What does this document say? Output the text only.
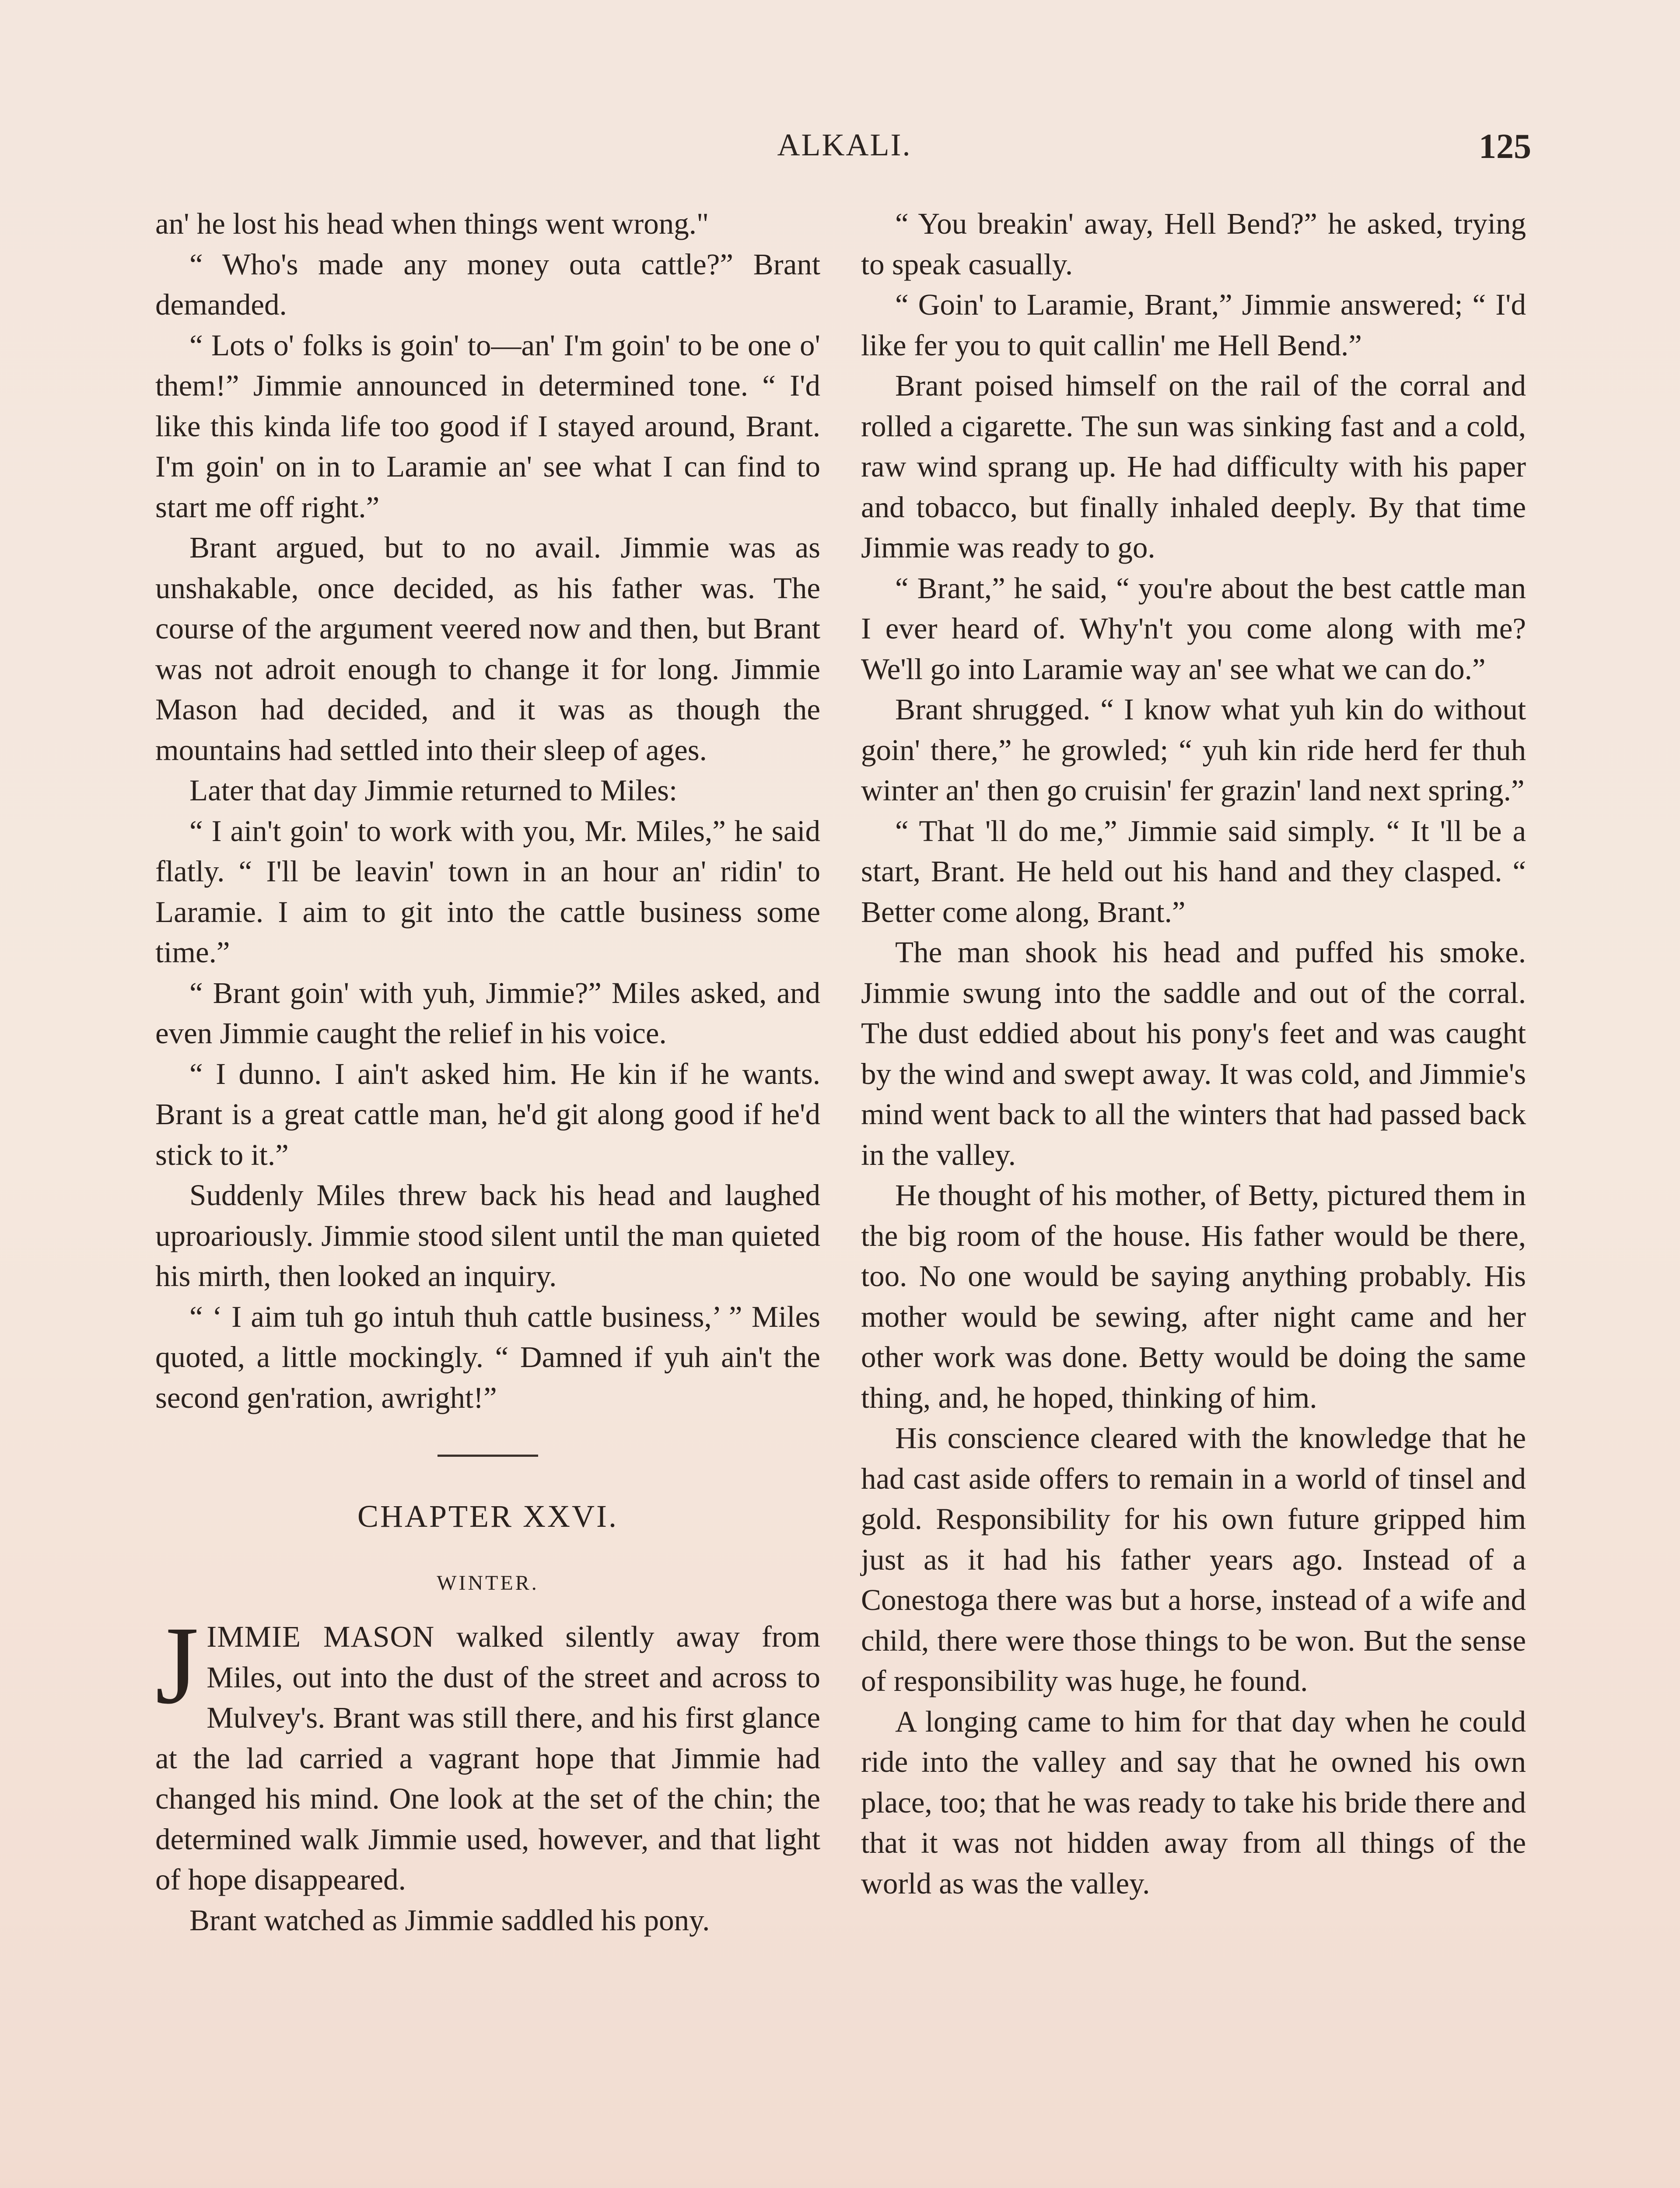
ALKALI.	125

an' he lost his head when things went wrong."

“ Who's made any money outa cattle?” Brant demanded.

“ Lots o' folks is goin' to—an' I'm goin' to be one o' them!” Jimmie announced in determined tone. “ I'd like this kinda life too good if I stayed around, Brant. I'm goin' on in to Laramie an' see what I can find to start me off right.”

Brant argued, but to no avail. Jimmie was as unshakable, once decided, as his father was. The course of the argument veered now and then, but Brant was not adroit enough to change it for long. Jimmie Mason had decided, and it was as though the mountains had settled into their sleep of ages.

Later that day Jimmie returned to Miles:

“ I ain't goin' to work with you, Mr. Miles,” he said flatly. “ I'll be leavin' town in an hour an' ridin' to Laramie. I aim to git into the cattle business some time.”

“ Brant goin' with yuh, Jimmie?” Miles asked, and even Jimmie caught the relief in his voice.

“ I dunno. I ain't asked him. He kin if he wants. Brant is a great cattle man, he'd git along good if he'd stick to it.”

Suddenly Miles threw back his head and laughed uproariously. Jimmie stood silent until the man quieted his mirth, then looked an inquiry.

“ ‘ I aim tuh go intuh thuh cattle business,’ ” Miles quoted, a little mockingly. “ Damned if yuh ain't the second gen'ration, awright!”

CHAPTER XXVI.
WINTER.

JIMMIE MASON walked silently away from Miles, out into the dust of the street and across to Mulvey's. Brant was still there, and his first glance at the lad carried a vagrant hope that Jimmie had changed his mind. One look at the set of the chin; the determined walk Jimmie used, however, and that light of hope disappeared.

Brant watched as Jimmie saddled his pony.

“ You breakin' away, Hell Bend?” he asked, trying to speak casually.

“ Goin' to Laramie, Brant,” Jimmie answered; “ I'd like fer you to quit callin' me Hell Bend.”

Brant poised himself on the rail of the corral and rolled a cigarette. The sun was sinking fast and a cold, raw wind sprang up. He had difficulty with his paper and tobacco, but finally inhaled deeply. By that time Jimmie was ready to go.

“ Brant,” he said, “ you're about the best cattle man I ever heard of. Why'n't you come along with me? We'll go into Laramie way an' see what we can do.”

Brant shrugged. “ I know what yuh kin do without goin' there,” he growled; “ yuh kin ride herd fer thuh winter an' then go cruisin' fer grazin' land next spring.”

“ That 'll do me,” Jimmie said simply. “ It 'll be a start, Brant. He held out his hand and they clasped. “ Better come along, Brant.”

The man shook his head and puffed his smoke. Jimmie swung into the saddle and out of the corral. The dust eddied about his pony's feet and was caught by the wind and swept away. It was cold, and Jimmie's mind went back to all the winters that had passed back in the valley.

He thought of his mother, of Betty, pictured them in the big room of the house. His father would be there, too. No one would be saying anything probably. His mother would be sewing, after night came and her other work was done. Betty would be doing the same thing, and, he hoped, thinking of him.

His conscience cleared with the knowledge that he had cast aside offers to remain in a world of tinsel and gold. Responsibility for his own future gripped him just as it had his father years ago. Instead of a Conestoga there was but a horse, instead of a wife and child, there were those things to be won. But the sense of responsibility was huge, he found.

A longing came to him for that day when he could ride into the valley and say that he owned his own place, too; that he was ready to take his bride there and that it was not hidden away from all things of the world as was the valley.
